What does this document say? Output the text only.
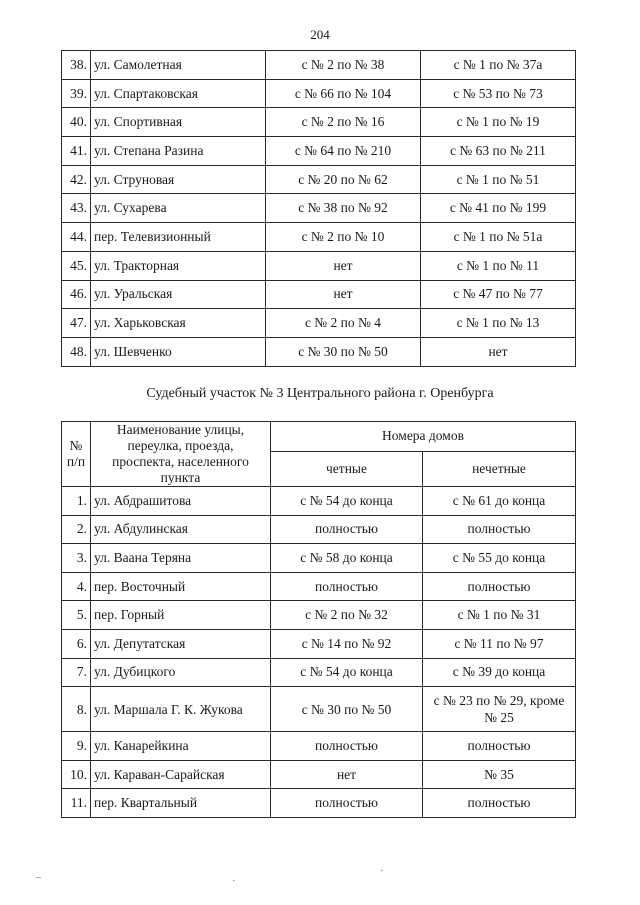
204
38.	ул. Самолетная	с № 2 по № 38	с № 1 по № 37а
39.	ул. Спартаковская	с № 66 по № 104	с № 53 по № 73
40.	ул. Спортивная	с № 2 по № 16	с № 1 по № 19
41.	ул. Степана Разина	с № 64 по № 210	с № 63 по № 211
42.	ул. Струновая	с № 20 по № 62	с № 1 по № 51
43.	ул. Сухарева	с № 38 по № 92	с № 41 по № 199
44.	пер. Телевизионный	с № 2 по № 10	с № 1 по № 51а
45.	ул. Тракторная	нет	с № 1 по № 11
46.	ул. Уральская	нет	с № 47 по № 77
47.	ул. Харьковская	с № 2 по № 4	с № 1 по № 13
48.	ул. Шевченко	с № 30 по № 50	нет
Судебный участок № 3 Центрального района г. Оренбурга
№ п/п	Наименование улицы, переулка, проезда, проспекта, населенного пункта	Номера домов	
		четные	нечетные
1.	ул. Абдрашитова	с № 54 до конца	с № 61 до конца
2.	ул. Абдулинская	полностью	полностью
3.	ул. Ваана Теряна	с № 58 до конца	с № 55 до конца
4.	пер. Восточный	полностью	полностью
5.	пер. Горный	с № 2 по № 32	с № 1 по № 31
6.	ул. Депутатская	с № 14 по № 92	с № 11 по № 97
7.	ул. Дубицкого	с № 54 до конца	с № 39 до конца
8.	ул. Маршала Г. К. Жукова	с № 30 по № 50	с № 23 по № 29, кроме № 25
9.	ул. Канарейкина	полностью	полностью
10.	ул. Караван-Сарайская	нет	№ 35
11.	пер. Квартальный	полностью	полностью
–	·
·
